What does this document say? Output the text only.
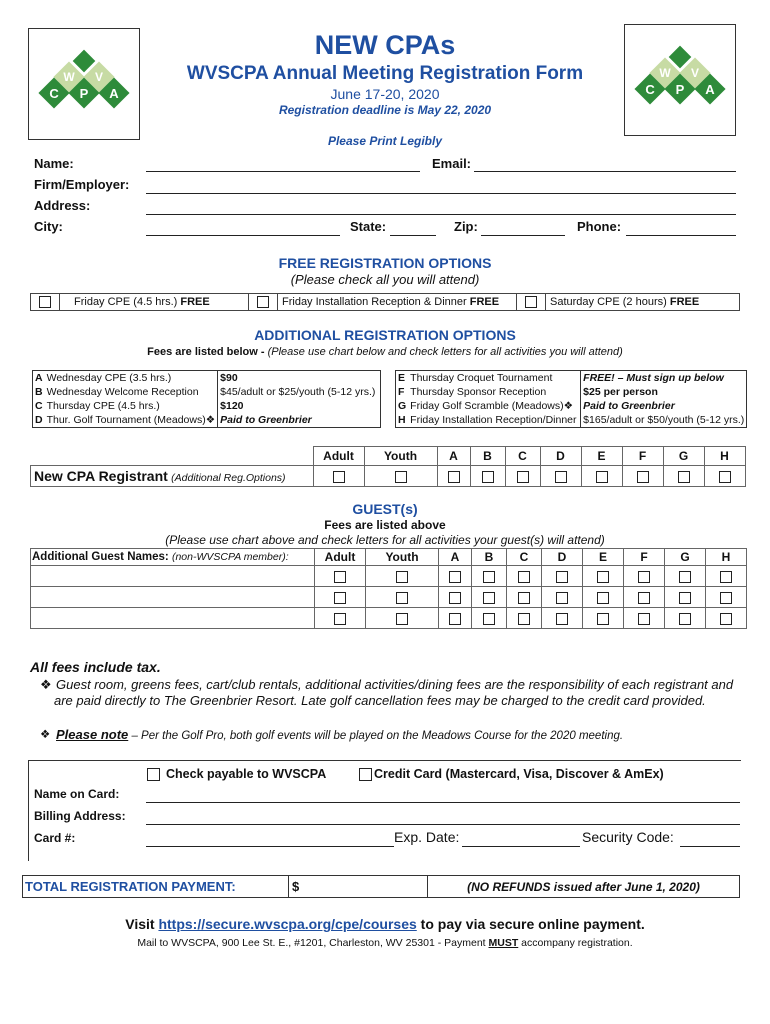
W V
C P A
W V
C P A
NEW CPAs
WVSCPA Annual Meeting Registration Form
June 17-20, 2020
Registration deadline is May 22, 2020
Please Print Legibly
Name:	Email:
Firm/Employer:
Address:
City:	State:	Zip:	Phone:
FREE REGISTRATION OPTIONS
(Please check all you will attend)
	Friday CPE (4.5 hrs.) FREE		Friday Installation Reception & Dinner FREE		Saturday CPE (2 hours) FREE
ADDITIONAL REGISTRATION OPTIONS
Fees are listed below - (Please use chart below and check letters for all activities you will attend)
A	Wednesday CPE (3.5 hrs.)	$90
B	Wednesday Welcome Reception	$45/adult or $25/youth (5-12 yrs.)
C	Thursday CPE (4.5 hrs.)	$120
D	Thur. Golf Tournament (Meadows)❖	Paid to Greenbrier
E	Thursday Croquet Tournament	FREE! – Must sign up below
F	Thursday Sponsor Reception	$25 per person
G	Friday Golf Scramble (Meadows)❖	Paid to Greenbrier
H	Friday Installation Reception/Dinner	$165/adult or $50/youth (5-12 yrs.)
	Adult	Youth	A	B	C	D	E	F	G	H
New CPA Registrant (Additional Reg.Options)										
GUEST(s)
Fees are listed above
(Please use chart above and check letters for all activities your guest(s) will attend)
Additional Guest Names: (non-WVSCPA member):	Adult	Youth	A	B	C	D	E	F	G	H

All fees include tax.
❖ Guest room, greens fees, cart/club rentals, additional activities/dining fees are the responsibility of each registrant and are paid directly to The Greenbrier Resort. Late golf cancellation fees may be charged to the credit card provided.
❖ Please note – Per the Golf Pro, both golf events will be played on the Meadows Course for the 2020 meeting.
Check payable to WVSCPA	Credit Card (Mastercard, Visa, Discover & AmEx)
Name on Card:
Billing Address:
Card #:	Exp. Date:	Security Code:
TOTAL REGISTRATION PAYMENT:	$	(NO REFUNDS issued after June 1, 2020)
Visit https://secure.wvscpa.org/cpe/courses to pay via secure online payment.
Mail to WVSCPA, 900 Lee St. E., #1201, Charleston, WV 25301 - Payment MUST accompany registration.
